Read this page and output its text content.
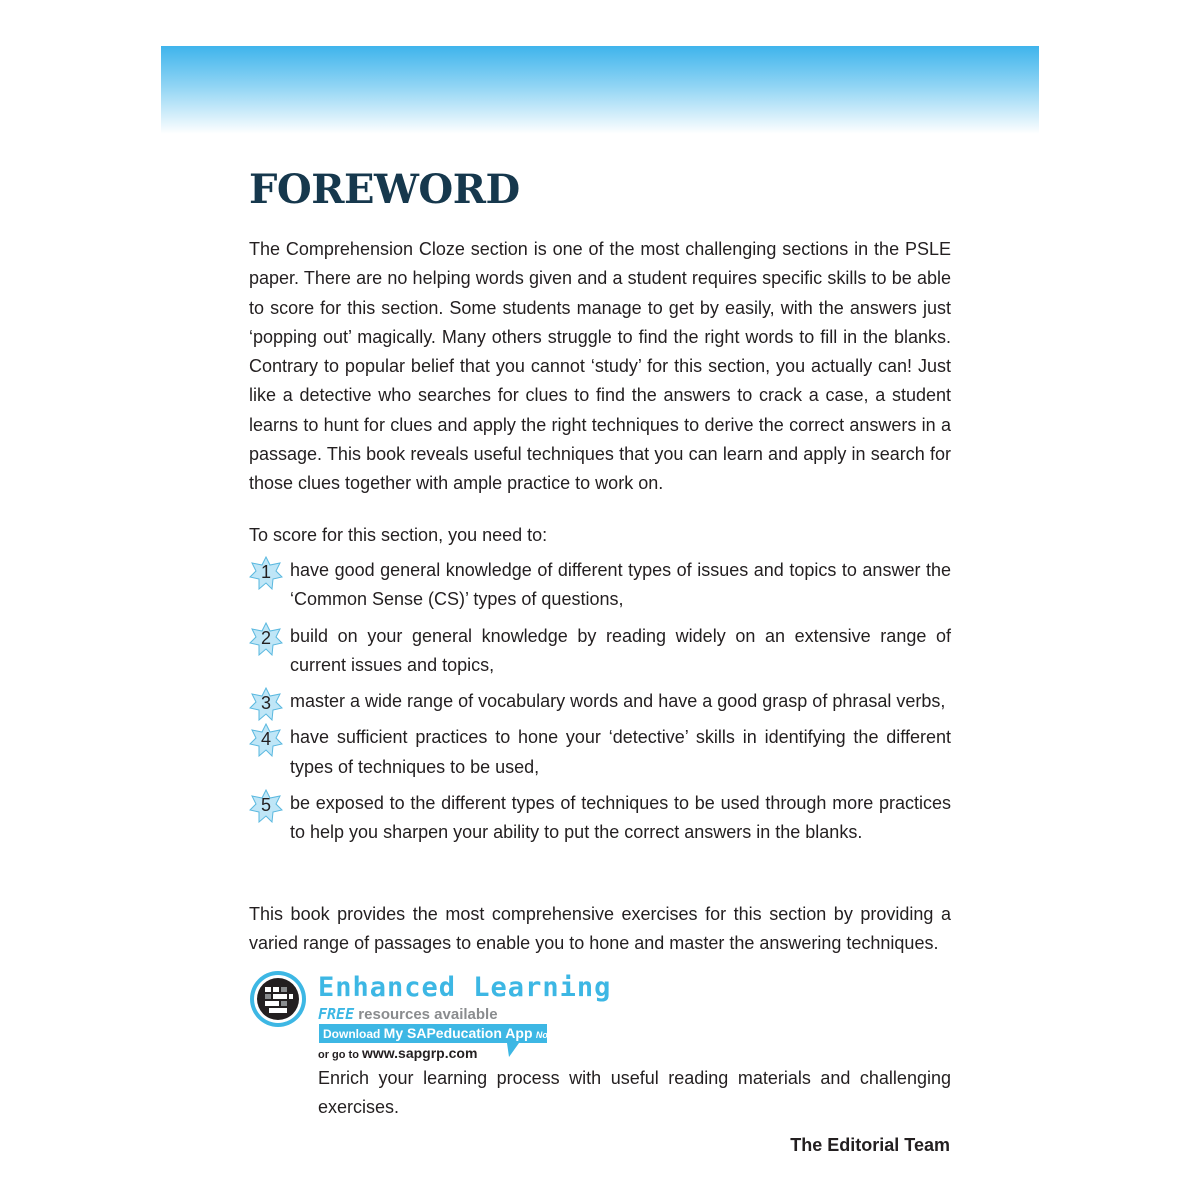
FOREWORD

The Comprehension Cloze section is one of the most challenging sections in the PSLE paper. There are no helping words given and a student requires specific skills to be able to score for this section. Some students manage to get by easily, with the answers just ‘popping out’ magically. Many others struggle to find the right words to fill in the blanks. Contrary to popular belief that you cannot ‘study’ for this section, you actually can! Just like a detective who searches for clues to find the answers to crack a case, a student learns to hunt for clues and apply the right techniques to derive the correct answers in a passage. This book reveals useful techniques that you can learn and apply in search for those clues together with ample practice to work on.

To score for this section, you need to:

1	have good general knowledge of different types of issues and topics to answer the ‘Common Sense (CS)’ types of questions,

2	build on your general knowledge by reading widely on an extensive range of current issues and topics,

3	master a wide range of vocabulary words and have a good grasp of phrasal verbs,

4	have sufficient practices to hone your ‘detective’ skills in identifying the different types of techniques to be used,

5	be exposed to the different types of techniques to be used through more practices to help you sharpen your ability to put the correct answers in the blanks.

This book provides the most comprehensive exercises for this section by providing a varied range of passages to enable you to hone and master the answering techniques.

Enhanced Learning

FREE resources available
Download My SAPeducation App Now!
or go to www.sapgrp.com

Enrich your learning process with useful reading materials and challenging exercises.

The Editorial Team
